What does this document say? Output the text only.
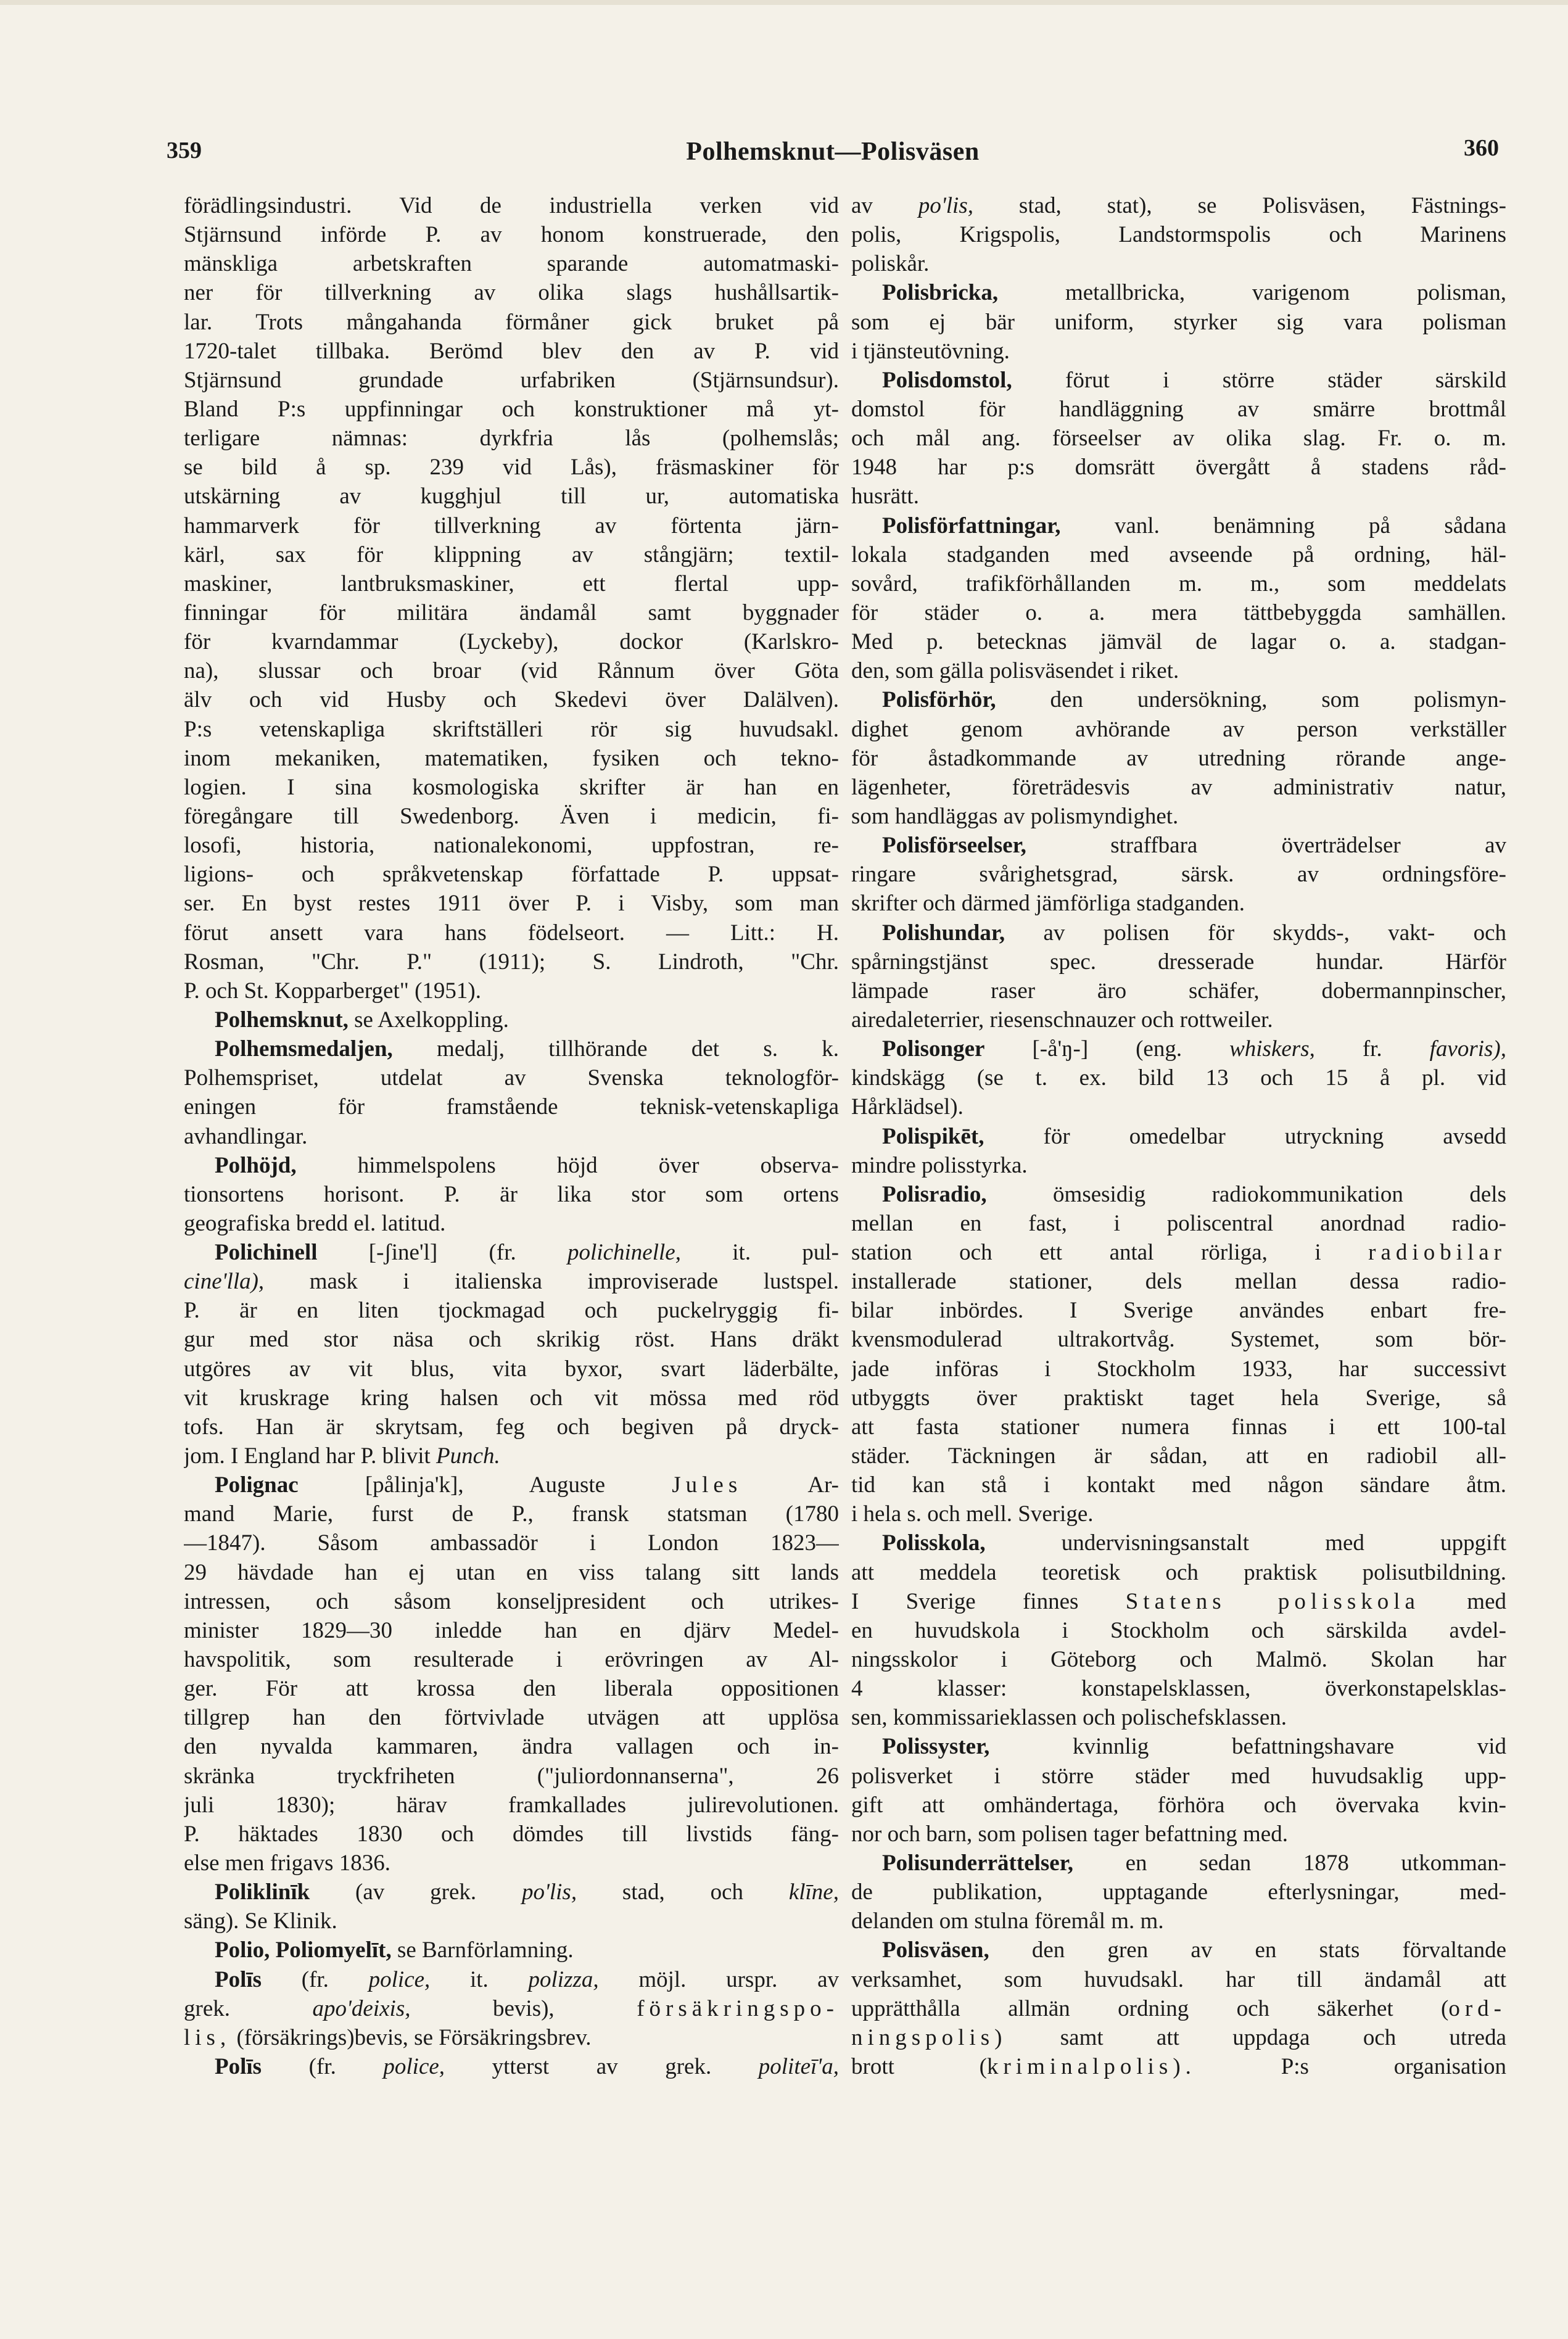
359	Polhemsknut—Polisväsen	360
förädlingsindustri. Vid de industriella verken vid
Stjärnsund införde P. av honom konstruerade, den
mänskliga arbetskraften sparande automatmaski-
ner för tillverkning av olika slags hushållsartik-
lar. Trots mångahanda förmåner gick bruket på
1720-talet tillbaka. Berömd blev den av P. vid
Stjärnsund grundade urfabriken (Stjärnsundsur).
Bland P:s uppfinningar och konstruktioner må yt-
terligare nämnas: dyrkfria lås (polhemslås;
se bild å sp. 239 vid Lås), fräsmaskiner för
utskärning av kugghjul till ur, automatiska
hammarverk för tillverkning av förtenta järn-
kärl, sax för klippning av stångjärn; textil-
maskiner, lantbruksmaskiner, ett flertal upp-
finningar för militära ändamål samt byggnader
för kvarndammar (Lyckeby), dockor (Karlskro-
na), slussar och broar (vid Rånnum över Göta
älv och vid Husby och Skedevi över Dalälven).
P:s vetenskapliga skriftställeri rör sig huvudsakl.
inom mekaniken, matematiken, fysiken och tekno-
logien. I sina kosmologiska skrifter är han en
föregångare till Swedenborg. Även i medicin, fi-
losofi, historia, nationalekonomi, uppfostran, re-
ligions- och språkvetenskap författade P. uppsat-
ser. En byst restes 1911 över P. i Visby, som man
förut ansett vara hans födelseort. — Litt.: H.
Rosman, "Chr. P." (1911); S. Lindroth, "Chr.
P. och St. Kopparberget" (1951).
Polhemsknut, se Axelkoppling.
Polhemsmedaljen, medalj, tillhörande det s. k.
Polhemspriset, utdelat av Svenska teknologför-
eningen för framstående teknisk-vetenskapliga
avhandlingar.
Polhöjd, himmelspolens höjd över observa-
tionsortens horisont. P. är lika stor som ortens
geografiska bredd el. latitud.
Polichinell [-ʃine'l] (fr. polichinelle, it. pul-
cine'lla), mask i italienska improviserade lustspel.
P. är en liten tjockmagad och puckelryggig fi-
gur med stor näsa och skrikig röst. Hans dräkt
utgöres av vit blus, vita byxor, svart läderbälte,
vit kruskrage kring halsen och vit mössa med röd
tofs. Han är skrytsam, feg och begiven på dryck-
jom. I England har P. blivit Punch.
Polignac [pålinja'k], Auguste Jules Ar-
mand Marie, furst de P., fransk statsman (1780
—1847). Såsom ambassadör i London 1823—
29 hävdade han ej utan en viss talang sitt lands
intressen, och såsom konseljpresident och utrikes-
minister 1829—30 inledde han en djärv Medel-
havspolitik, som resulterade i erövringen av Al-
ger. För att krossa den liberala oppositionen
tillgrep han den förtvivlade utvägen att upplösa
den nyvalda kammaren, ändra vallagen och in-
skränka tryckfriheten ("juliordonnanserna", 26
juli 1830); härav framkallades julirevolutionen.
P. häktades 1830 och dömdes till livstids fäng-
else men frigavs 1836.
Poliklinīk (av grek. po'lis, stad, och klīne,
säng). Se Klinik.
Polio, Poliomyelīt, se Barnförlamning.
Polīs (fr. police, it. polizza, möjl. urspr. av
grek. apo'deixis, bevis), försäkringspo-
lis, (försäkrings)bevis, se Försäkringsbrev.
Polīs (fr. police, ytterst av grek. politeī'a,
av po'lis, stad, stat), se Polisväsen, Fästnings-
polis, Krigspolis, Landstormspolis och Marinens
poliskår.
Polisbricka, metallbricka, varigenom polisman,
som ej bär uniform, styrker sig vara polisman
i tjänsteutövning.
Polisdomstol, förut i större städer särskild
domstol för handläggning av smärre brottmål
och mål ang. förseelser av olika slag. Fr. o. m.
1948 har p:s domsrätt övergått å stadens råd-
husrätt.
Polisförfattningar, vanl. benämning på sådana
lokala stadganden med avseende på ordning, häl-
sovård, trafikförhållanden m. m., som meddelats
för städer o. a. mera tättbebyggda samhällen.
Med p. betecknas jämväl de lagar o. a. stadgan-
den, som gälla polisväsendet i riket.
Polisförhör, den undersökning, som polismyn-
dighet genom avhörande av person verkställer
för åstadkommande av utredning rörande ange-
lägenheter, företrädesvis av administrativ natur,
som handläggas av polismyndighet.
Polisförseelser, straffbara överträdelser av
ringare svårighetsgrad, särsk. av ordningsföre-
skrifter och därmed jämförliga stadganden.
Polishundar, av polisen för skydds-, vakt- och
spårningstjänst spec. dresserade hundar. Härför
lämpade raser äro schäfer, dobermannpinscher,
airedaleterrier, riesenschnauzer och rottweiler.
Polisonger [-å'ŋ-] (eng. whiskers, fr. favoris),
kindskägg (se t. ex. bild 13 och 15 å pl. vid
Hårklädsel).
Polispikēt, för omedelbar utryckning avsedd
mindre polisstyrka.
Polisradio, ömsesidig radiokommunikation dels
mellan en fast, i poliscentral anordnad radio-
station och ett antal rörliga, i radiobilar
installerade stationer, dels mellan dessa radio-
bilar inbördes. I Sverige användes enbart fre-
kvensmodulerad ultrakortvåg. Systemet, som bör-
jade införas i Stockholm 1933, har successivt
utbyggts över praktiskt taget hela Sverige, så
att fasta stationer numera finnas i ett 100-tal
städer. Täckningen är sådan, att en radiobil all-
tid kan stå i kontakt med någon sändare åtm.
i hela s. och mell. Sverige.
Polisskola, undervisningsanstalt med uppgift
att meddela teoretisk och praktisk polisutbildning.
I Sverige finnes Statens polisskola med
en huvudskola i Stockholm och särskilda avdel-
ningsskolor i Göteborg och Malmö. Skolan har
4 klasser: konstapelsklassen, överkonstapelsklas-
sen, kommissarieklassen och polischefsklassen.
Polissyster, kvinnlig befattningshavare vid
polisverket i större städer med huvudsaklig upp-
gift att omhändertaga, förhöra och övervaka kvin-
nor och barn, som polisen tager befattning med.
Polisunderrättelser, en sedan 1878 utkomman-
de publikation, upptagande efterlysningar, med-
delanden om stulna föremål m. m.
Polisväsen, den gren av en stats förvaltande
verksamhet, som huvudsakl. har till ändamål att
upprätthålla allmän ordning och säkerhet (ord-
ningspolis) samt att uppdaga och utreda
brott (kriminalpolis). P:s organisation
